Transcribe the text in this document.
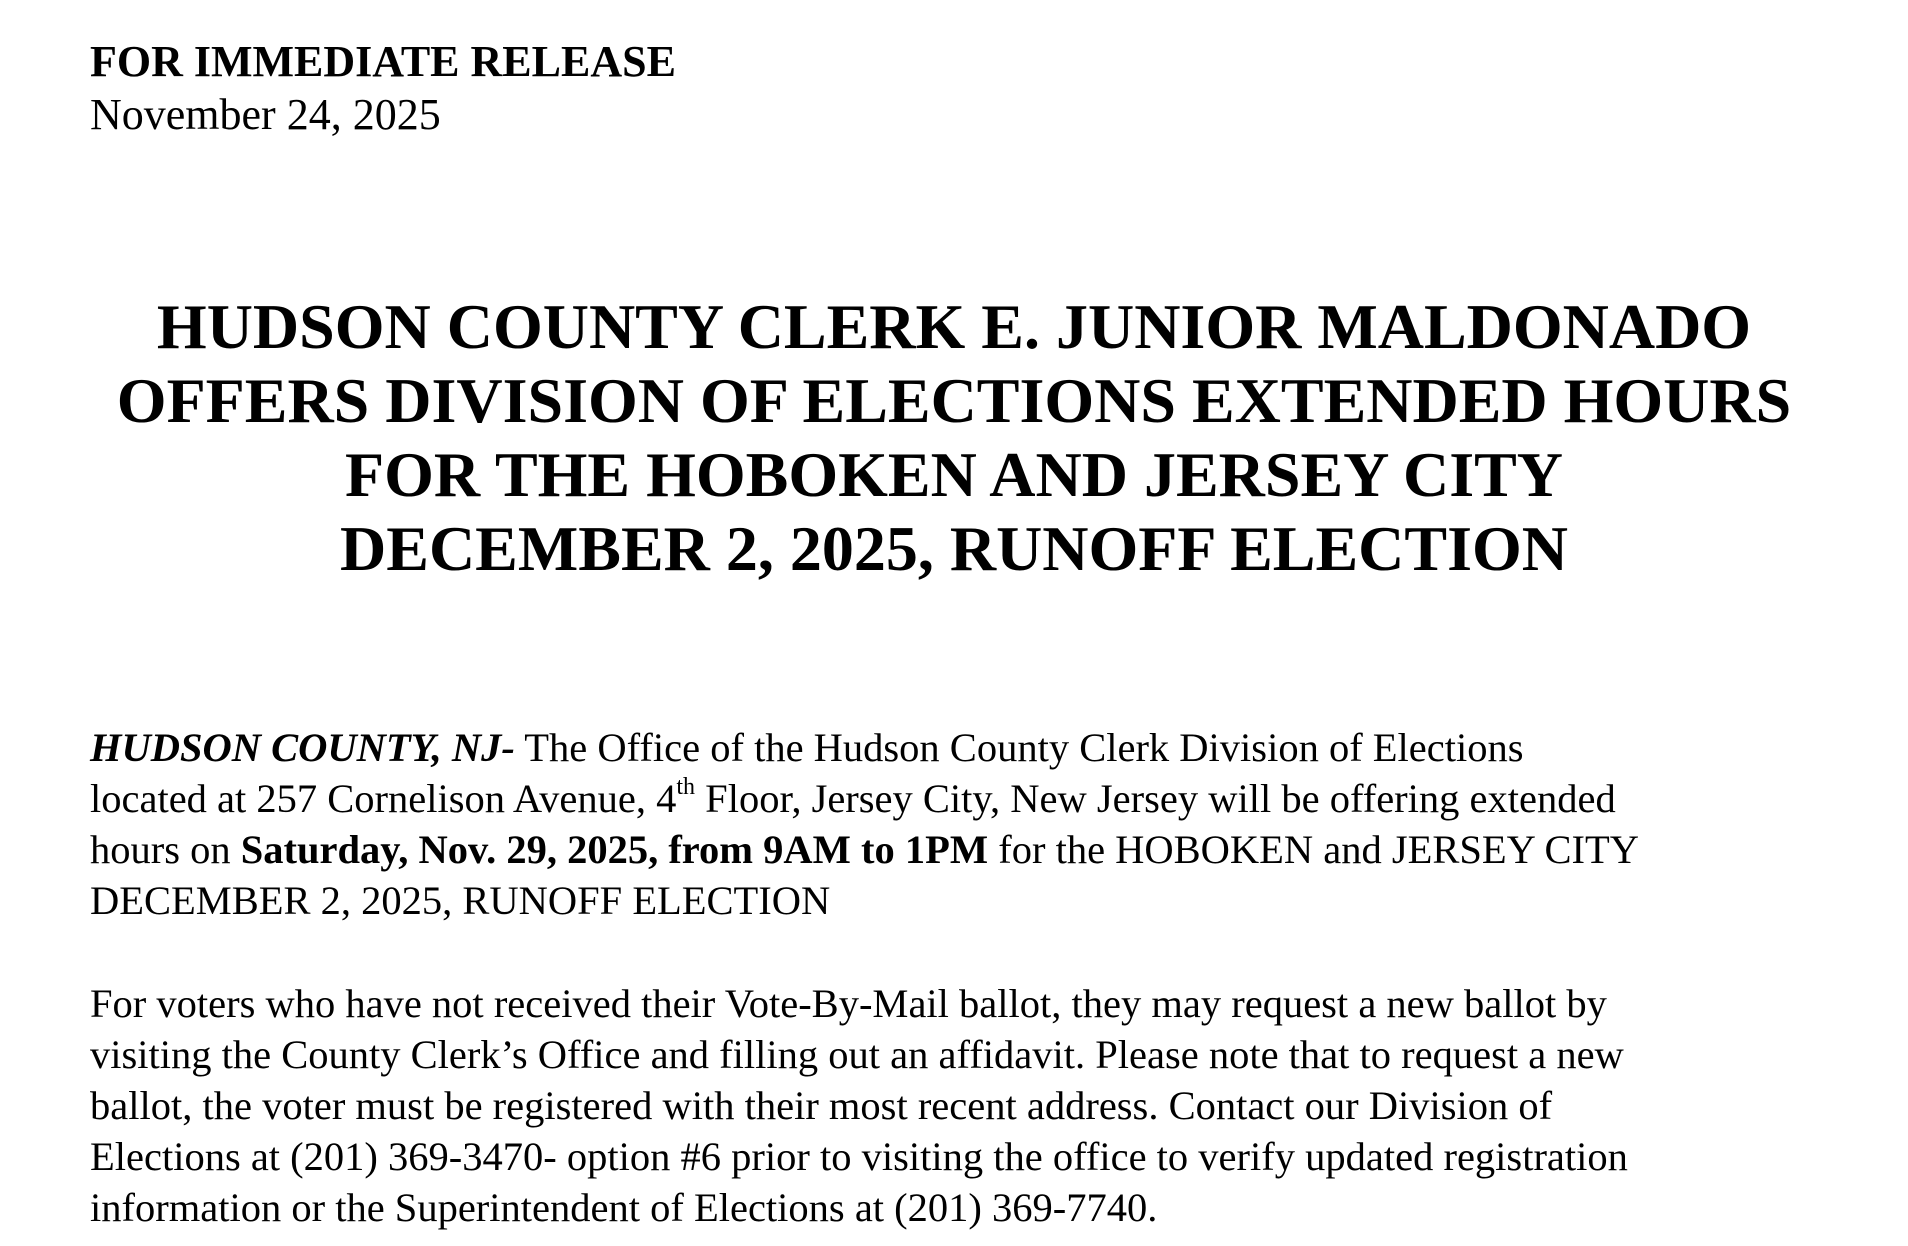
FOR IMMEDIATE RELEASE

November 24, 2025

HUDSON COUNTY CLERK E. JUNIOR MALDONADO
OFFERS DIVISION OF ELECTIONS EXTENDED HOURS
FOR THE HOBOKEN AND JERSEY CITY
DECEMBER 2, 2025, RUNOFF ELECTION
HUDSON COUNTY, NJ- The Office of the Hudson County Clerk Division of Elections
located at 257 Cornelison Avenue, 4th Floor, Jersey City, New Jersey will be offering extended
hours on Saturday, Nov. 29, 2025, from 9AM to 1PM for the HOBOKEN and JERSEY CITY
DECEMBER 2, 2025, RUNOFF ELECTION
For voters who have not received their Vote-By-Mail ballot, they may request a new ballot by
visiting the County Clerk’s Office and filling out an affidavit. Please note that to request a new
ballot, the voter must be registered with their most recent address. Contact our Division of
Elections at (201) 369-3470- option #6 prior to visiting the office to verify updated registration
information or the Superintendent of Elections at (201) 369-7740.
